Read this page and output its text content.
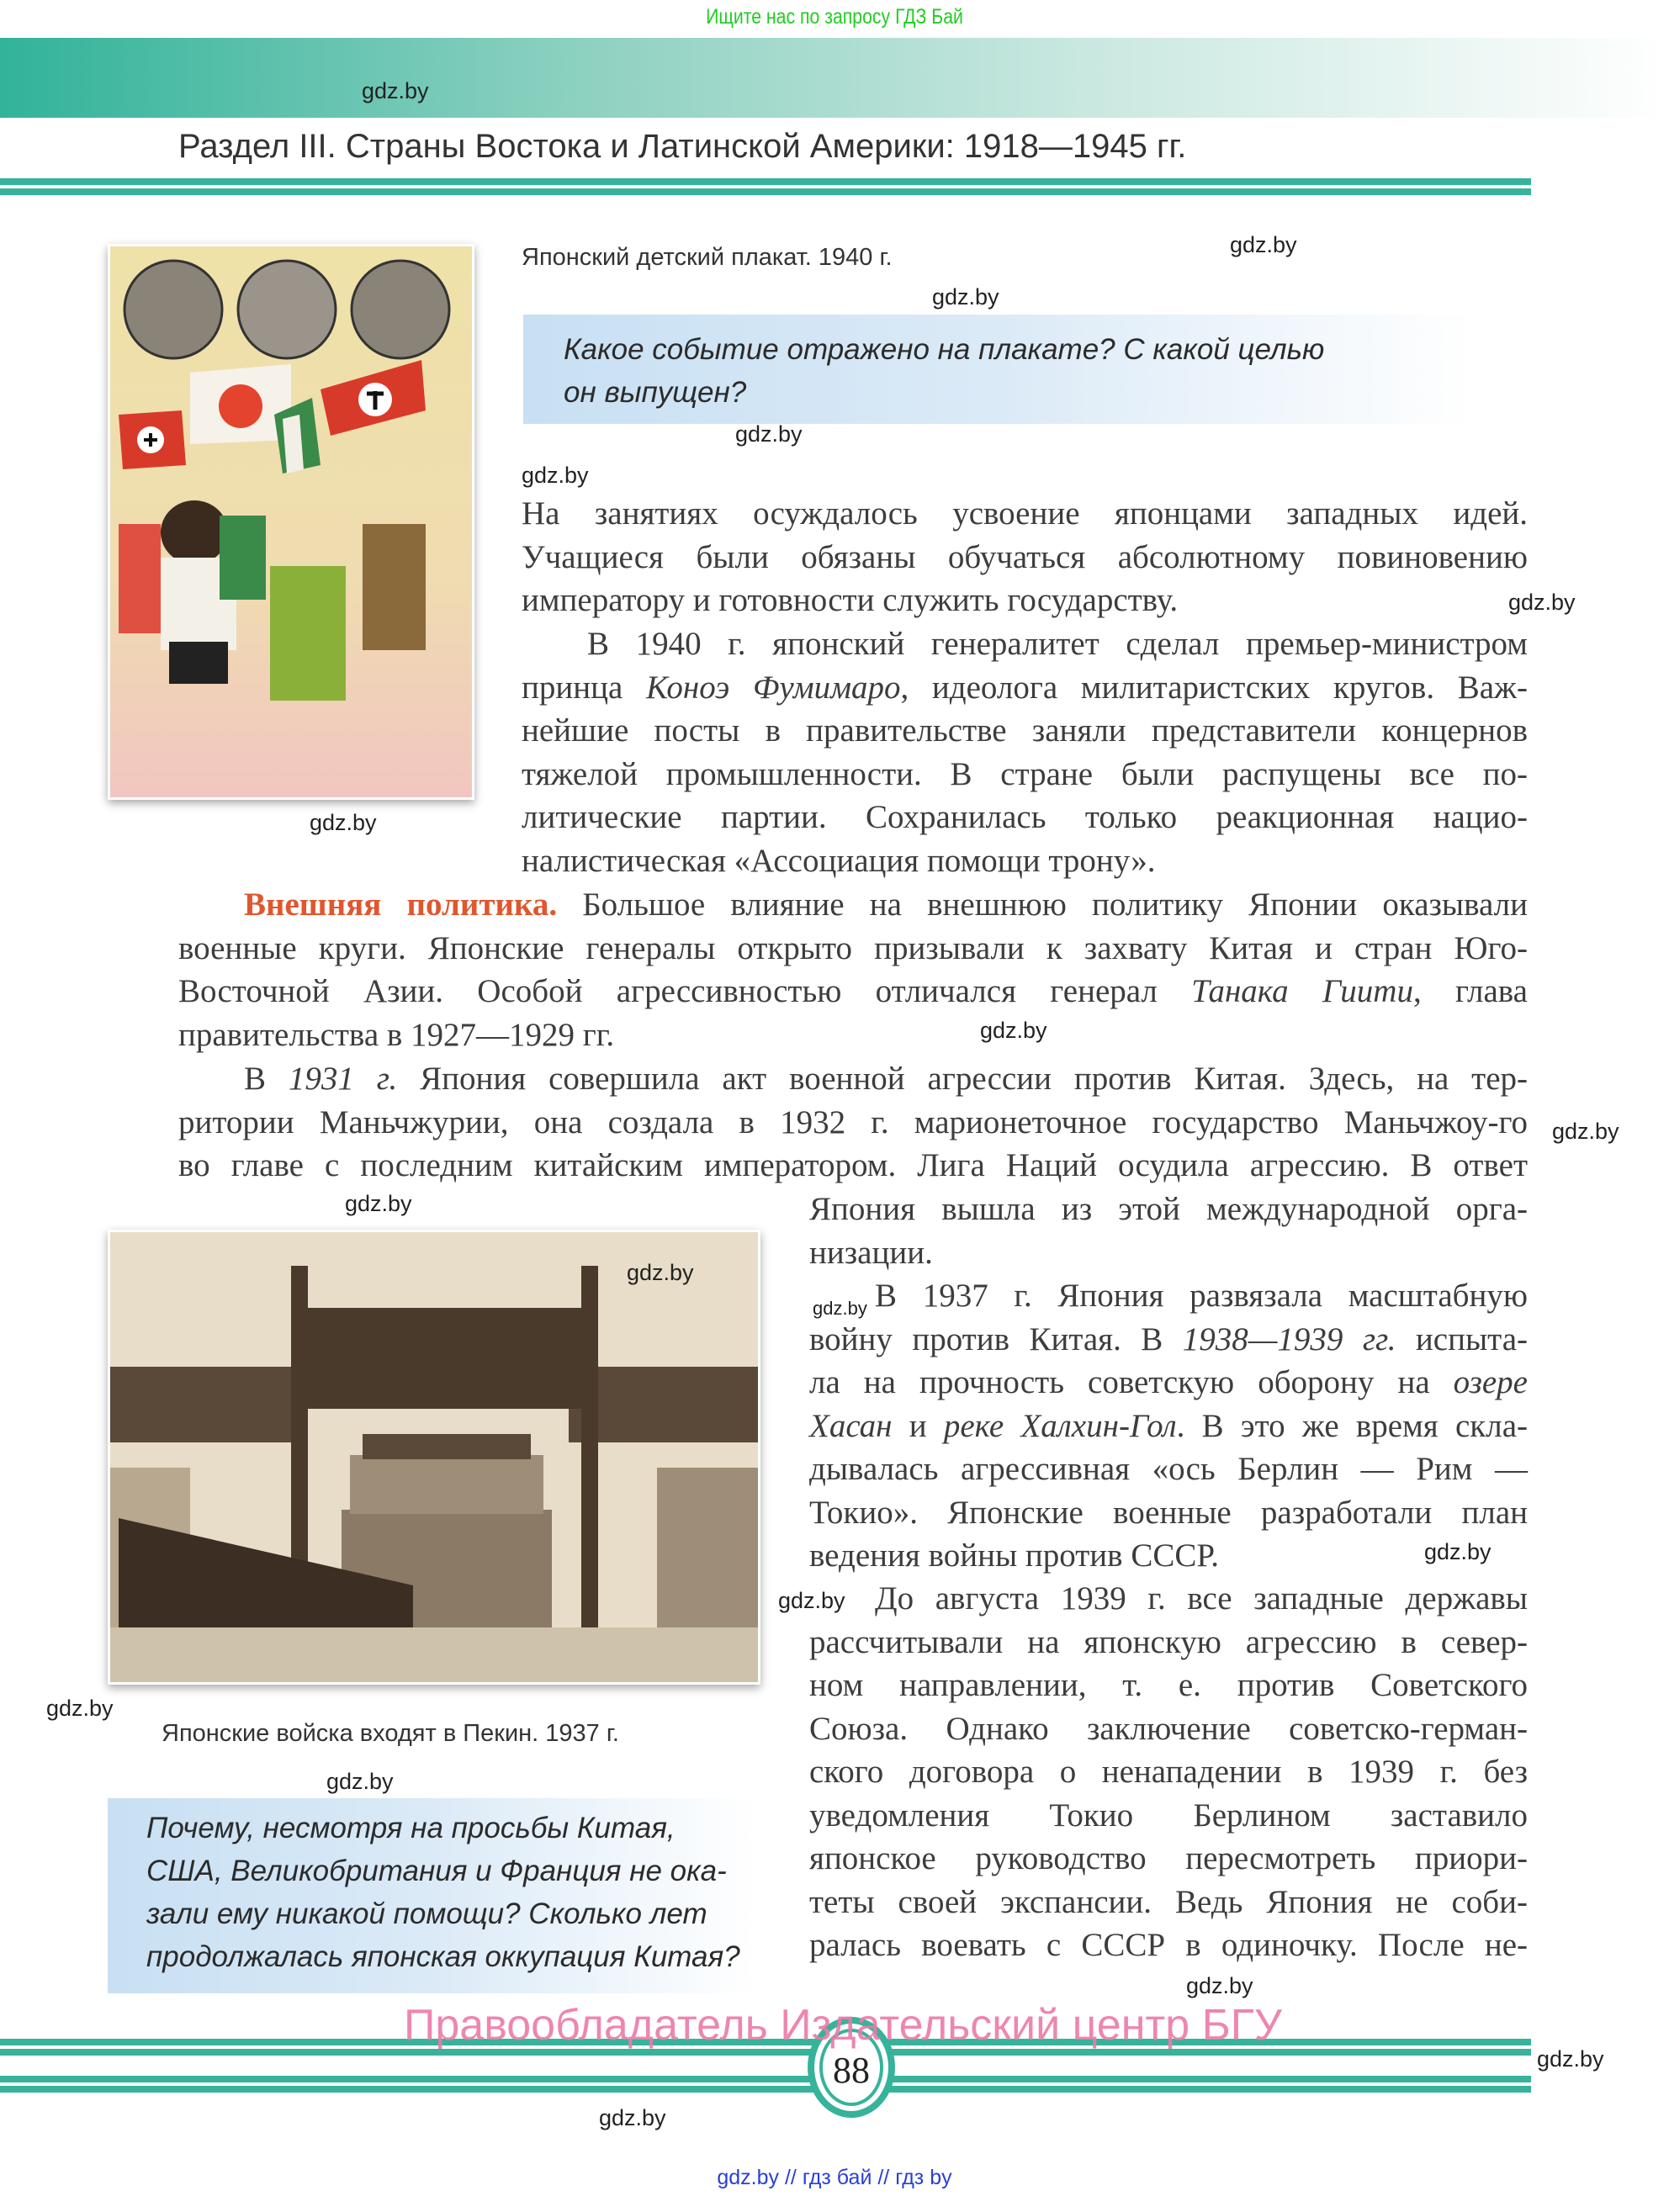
Ищите нас по запросу ГДЗ Бай
gdz.by
Раздел III. Страны Востока и Латинской Америки: 1918—1945 гг.
gdz.by
Японский детский плакат. 1940 г.	gdz.by
gdz.by
Какое событие отражено на плакате? С какой целью
он выпущен?
gdz.by
gdz.by
На занятиях осуждалось усвоение японцами западных идей.
Учащиеся были обязаны обучаться абсолютному повиновению
императору и готовности служить государству.	gdz.by
В 1940 г. японский генералитет сделал премьер-министром
принца Коноэ Фумимаро, идеолога милитаристских кругов. Важ-
нейшие посты в правительстве заняли представители концернов
тяжелой промышленности. В стране были распущены все по-
литические партии. Сохранилась только реакционная нацио-
налистическая «Ассоциация помощи трону».
Внешняя политика. Большое влияние на внешнюю политику Японии оказывали
военные круги. Японские генералы открыто призывали к захвату Китая и стран Юго-
Восточной Азии. Особой агрессивностью отличался генерал Танака Гиити, глава
правительства в 1927—1929 гг.	gdz.by
В 1931 г. Япония совершила акт военной агрессии против Китая. Здесь, на тер-
ритории Маньчжурии, она создала в 1932 г. марионеточное государство Маньчжоу-го
во главе с последним китайским императором. Лига Наций осудила агрессию. В ответ
gdz.by
Япония вышла из этой международной орга-
низации.
gdz.by
gdz.by
gdz.by В 1937 г. Япония развязала масштабную
войну против Китая. В 1938—1939 гг. испыта-
ла на прочность советскую оборону на озере
Хасан и реке Халхин-Гол. В это же время скла-
дывалась агрессивная «ось Берлин — Рим —
Токио». Японские военные разработали план
ведения войны против СССР.	gdz.by
gdz.by До августа 1939 г. все западные державы
рассчитывали на японскую агрессию в север-
ном направлении, т. е. против Советского
Союза. Однако заключение советско-герман-
ского договора о ненападении в 1939 г. без
уведомления Токио Берлином заставило
японское руководство пересмотреть приори-
теты своей экспансии. Ведь Япония не соби-
ралась воевать с СССР в одиночку. После не-
gdz.by
Японские войска входят в Пекин. 1937 г.
gdz.by
Почему, несмотря на просьбы Китая,
США, Великобритания и Франция не ока-
зали ему никакой помощи? Сколько лет
продолжалась японская оккупация Китая?
gdz.by
88
Правообладатель Издательский центр БГУ
gdz.by
gdz.by
gdz.by // гдз бай // гдз by
